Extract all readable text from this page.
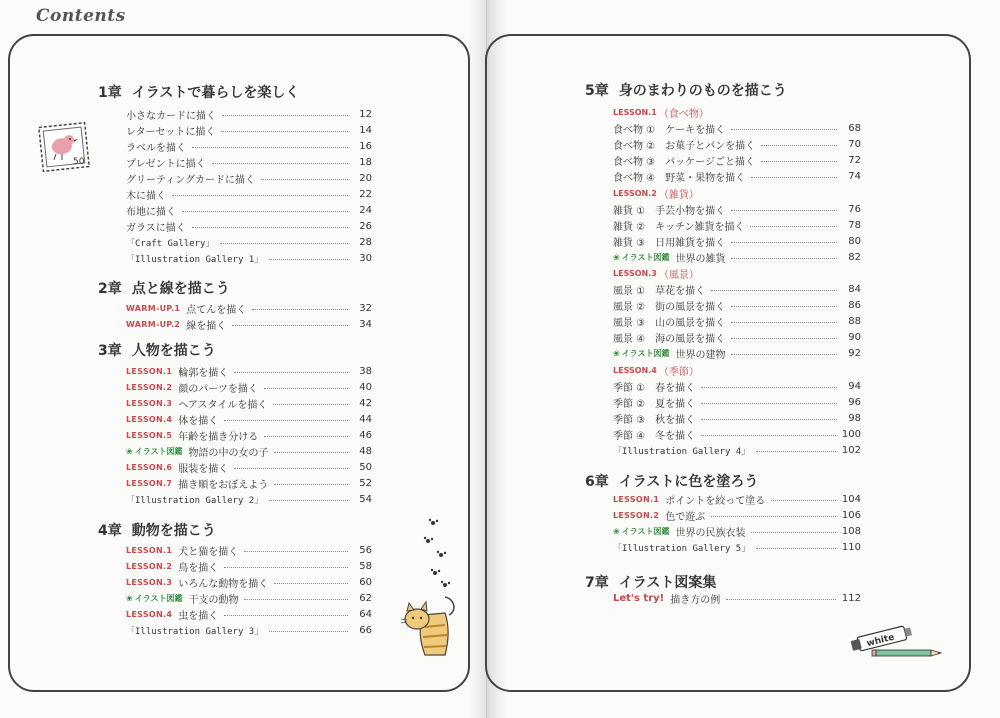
Contents
50
white
1章 イラストで暮らしを楽しく
小さなカードに描く	12
レターセットに描く	14
ラベルを描く	16
プレゼントに描く	18
グリーティングカードに描く	20
木に描く	22
布地に描く	24
ガラスに描く	26
「Craft Gallery」	28
「Illustration Gallery 1」	30
2章 点と線を描こう
WARM-UP.1 点てんを描く	32
WARM-UP.2 線を描く	34
3章 人物を描こう
LESSON.1 輪郭を描く	38
LESSON.2 顔のパーツを描く	40
LESSON.3 ヘアスタイルを描く	42
LESSON.4 体を描く	44
LESSON.5 年齢を描き分ける	46
❀ イラスト図鑑 物語の中の女の子	48
LESSON.6 服装を描く	50
LESSON.7 描き順をおぼえよう	52
「Illustration Gallery 2」	54
4章 動物を描こう
LESSON.1 犬と猫を描く	56
LESSON.2 鳥を描く	58
LESSON.3 いろんな動物を描く	60
❀ イラスト図鑑 干支の動物	62
LESSON.4 虫を描く	64
「Illustration Gallery 3」	66
5章 身のまわりのものを描こう
LESSON.1 （食べ物）
食べ物 ①　ケーキを描く	68
食べ物 ②　お菓子とパンを描く	70
食べ物 ③　パッケージごと描く	72
食べ物 ④　野菜・果物を描く	74
LESSON.2 （雑貨）
雑貨 ①　手芸小物を描く	76
雑貨 ②　キッチン雑貨を描く	78
雑貨 ③　日用雑貨を描く	80
❀ イラスト図鑑 世界の雑貨	82
LESSON.3 （風景）
風景 ①　草花を描く	84
風景 ②　街の風景を描く	86
風景 ③　山の風景を描く	88
風景 ④　海の風景を描く	90
❀ イラスト図鑑 世界の建物	92
LESSON.4 （季節）
季節 ①　春を描く	94
季節 ②　夏を描く	96
季節 ③　秋を描く	98
季節 ④　冬を描く	100
「Illustration Gallery 4」	102
6章 イラストに色を塗ろう
LESSON.1 ポイントを絞って塗る	104
LESSON.2 色で遊ぶ	106
❀ イラスト図鑑 世界の民族衣装	108
「Illustration Gallery 5」	110
7章 イラスト図案集
Let's try! 描き方の例	112
